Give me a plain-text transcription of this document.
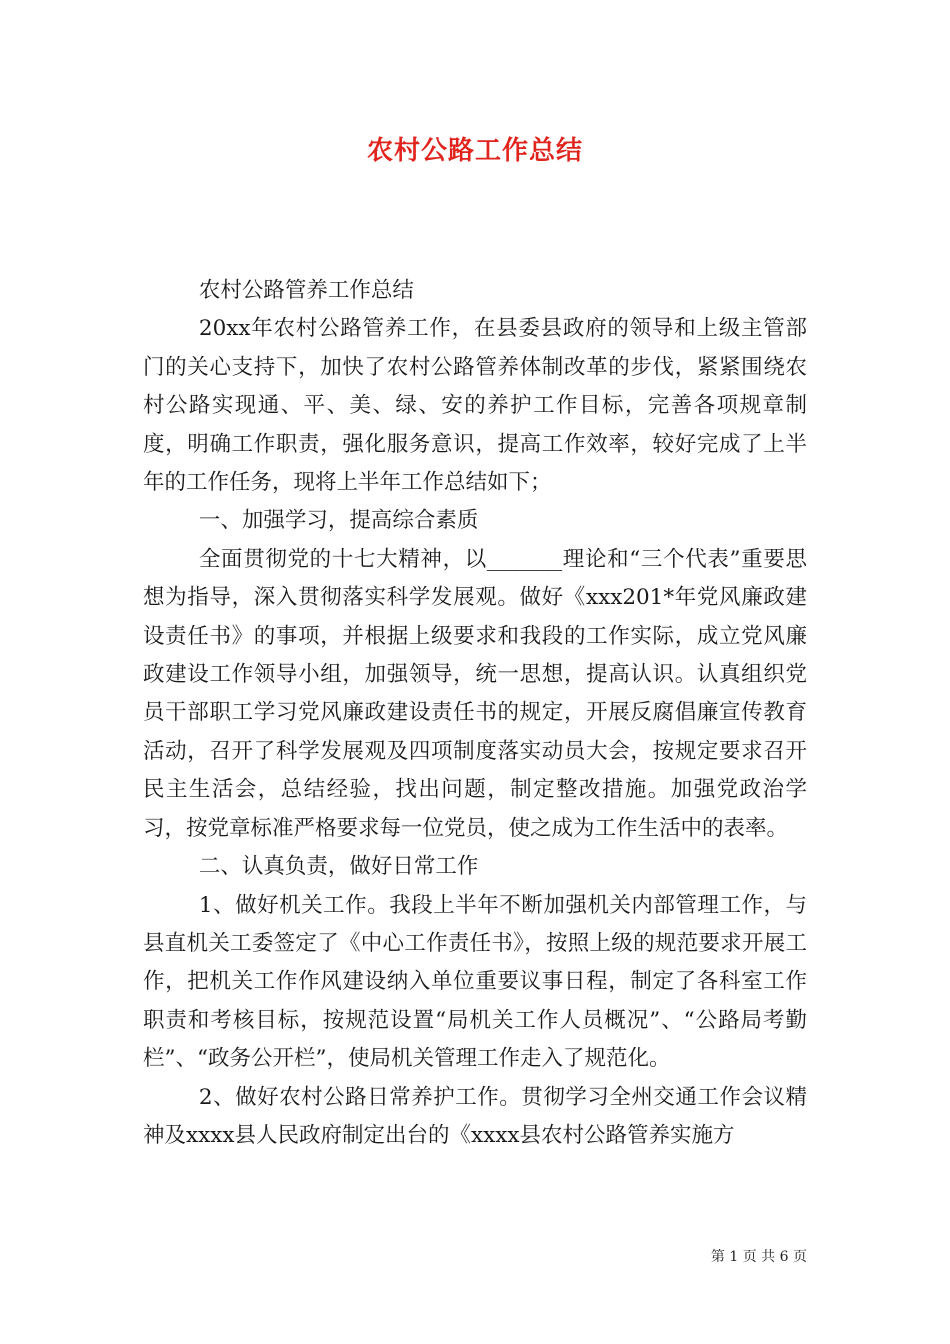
农村公路工作总结

农村公路管养工作总结

20xx年农村公路管养工作，在县委县政府的领导和上级主管部门的关心支持下，加快了农村公路管养体制改革的步伐，紧紧围绕农村公路实现通、平、美、绿、安的养护工作目标，完善各项规章制度，明确工作职责，强化服务意识，提高工作效率，较好完成了上半年的工作任务，现将上半年工作总结如下；

一、加强学习，提高综合素质

全面贯彻党的十七大精神，以_______理论和“三个代表”重要思想为指导，深入贯彻落实科学发展观。做好《xxx201*年党风廉政建设责任书》的事项，并根据上级要求和我段的工作实际，成立党风廉政建设工作领导小组，加强领导，统一思想，提高认识。认真组织党员干部职工学习党风廉政建设责任书的规定，开展反腐倡廉宣传教育活动，召开了科学发展观及四项制度落实动员大会，按规定要求召开民主生活会，总结经验，找出问题，制定整改措施。加强党政治学习，按党章标准严格要求每一位党员，使之成为工作生活中的表率。

二、认真负责，做好日常工作

1、做好机关工作。我段上半年不断加强机关内部管理工作，与县直机关工委签定了《中心工作责任书》，按照上级的规范要求开展工作，把机关工作作风建设纳入单位重要议事日程，制定了各科室工作职责和考核目标，按规范设置“局机关工作人员概况”、“公路局考勤栏”、“政务公开栏”，使局机关管理工作走入了规范化。

2、做好农村公路日常养护工作。贯彻学习全州交通工作会议精神及xxxx县人民政府制定出台的《xxxx县农村公路管养实施方

第 1 页 共 6 页
